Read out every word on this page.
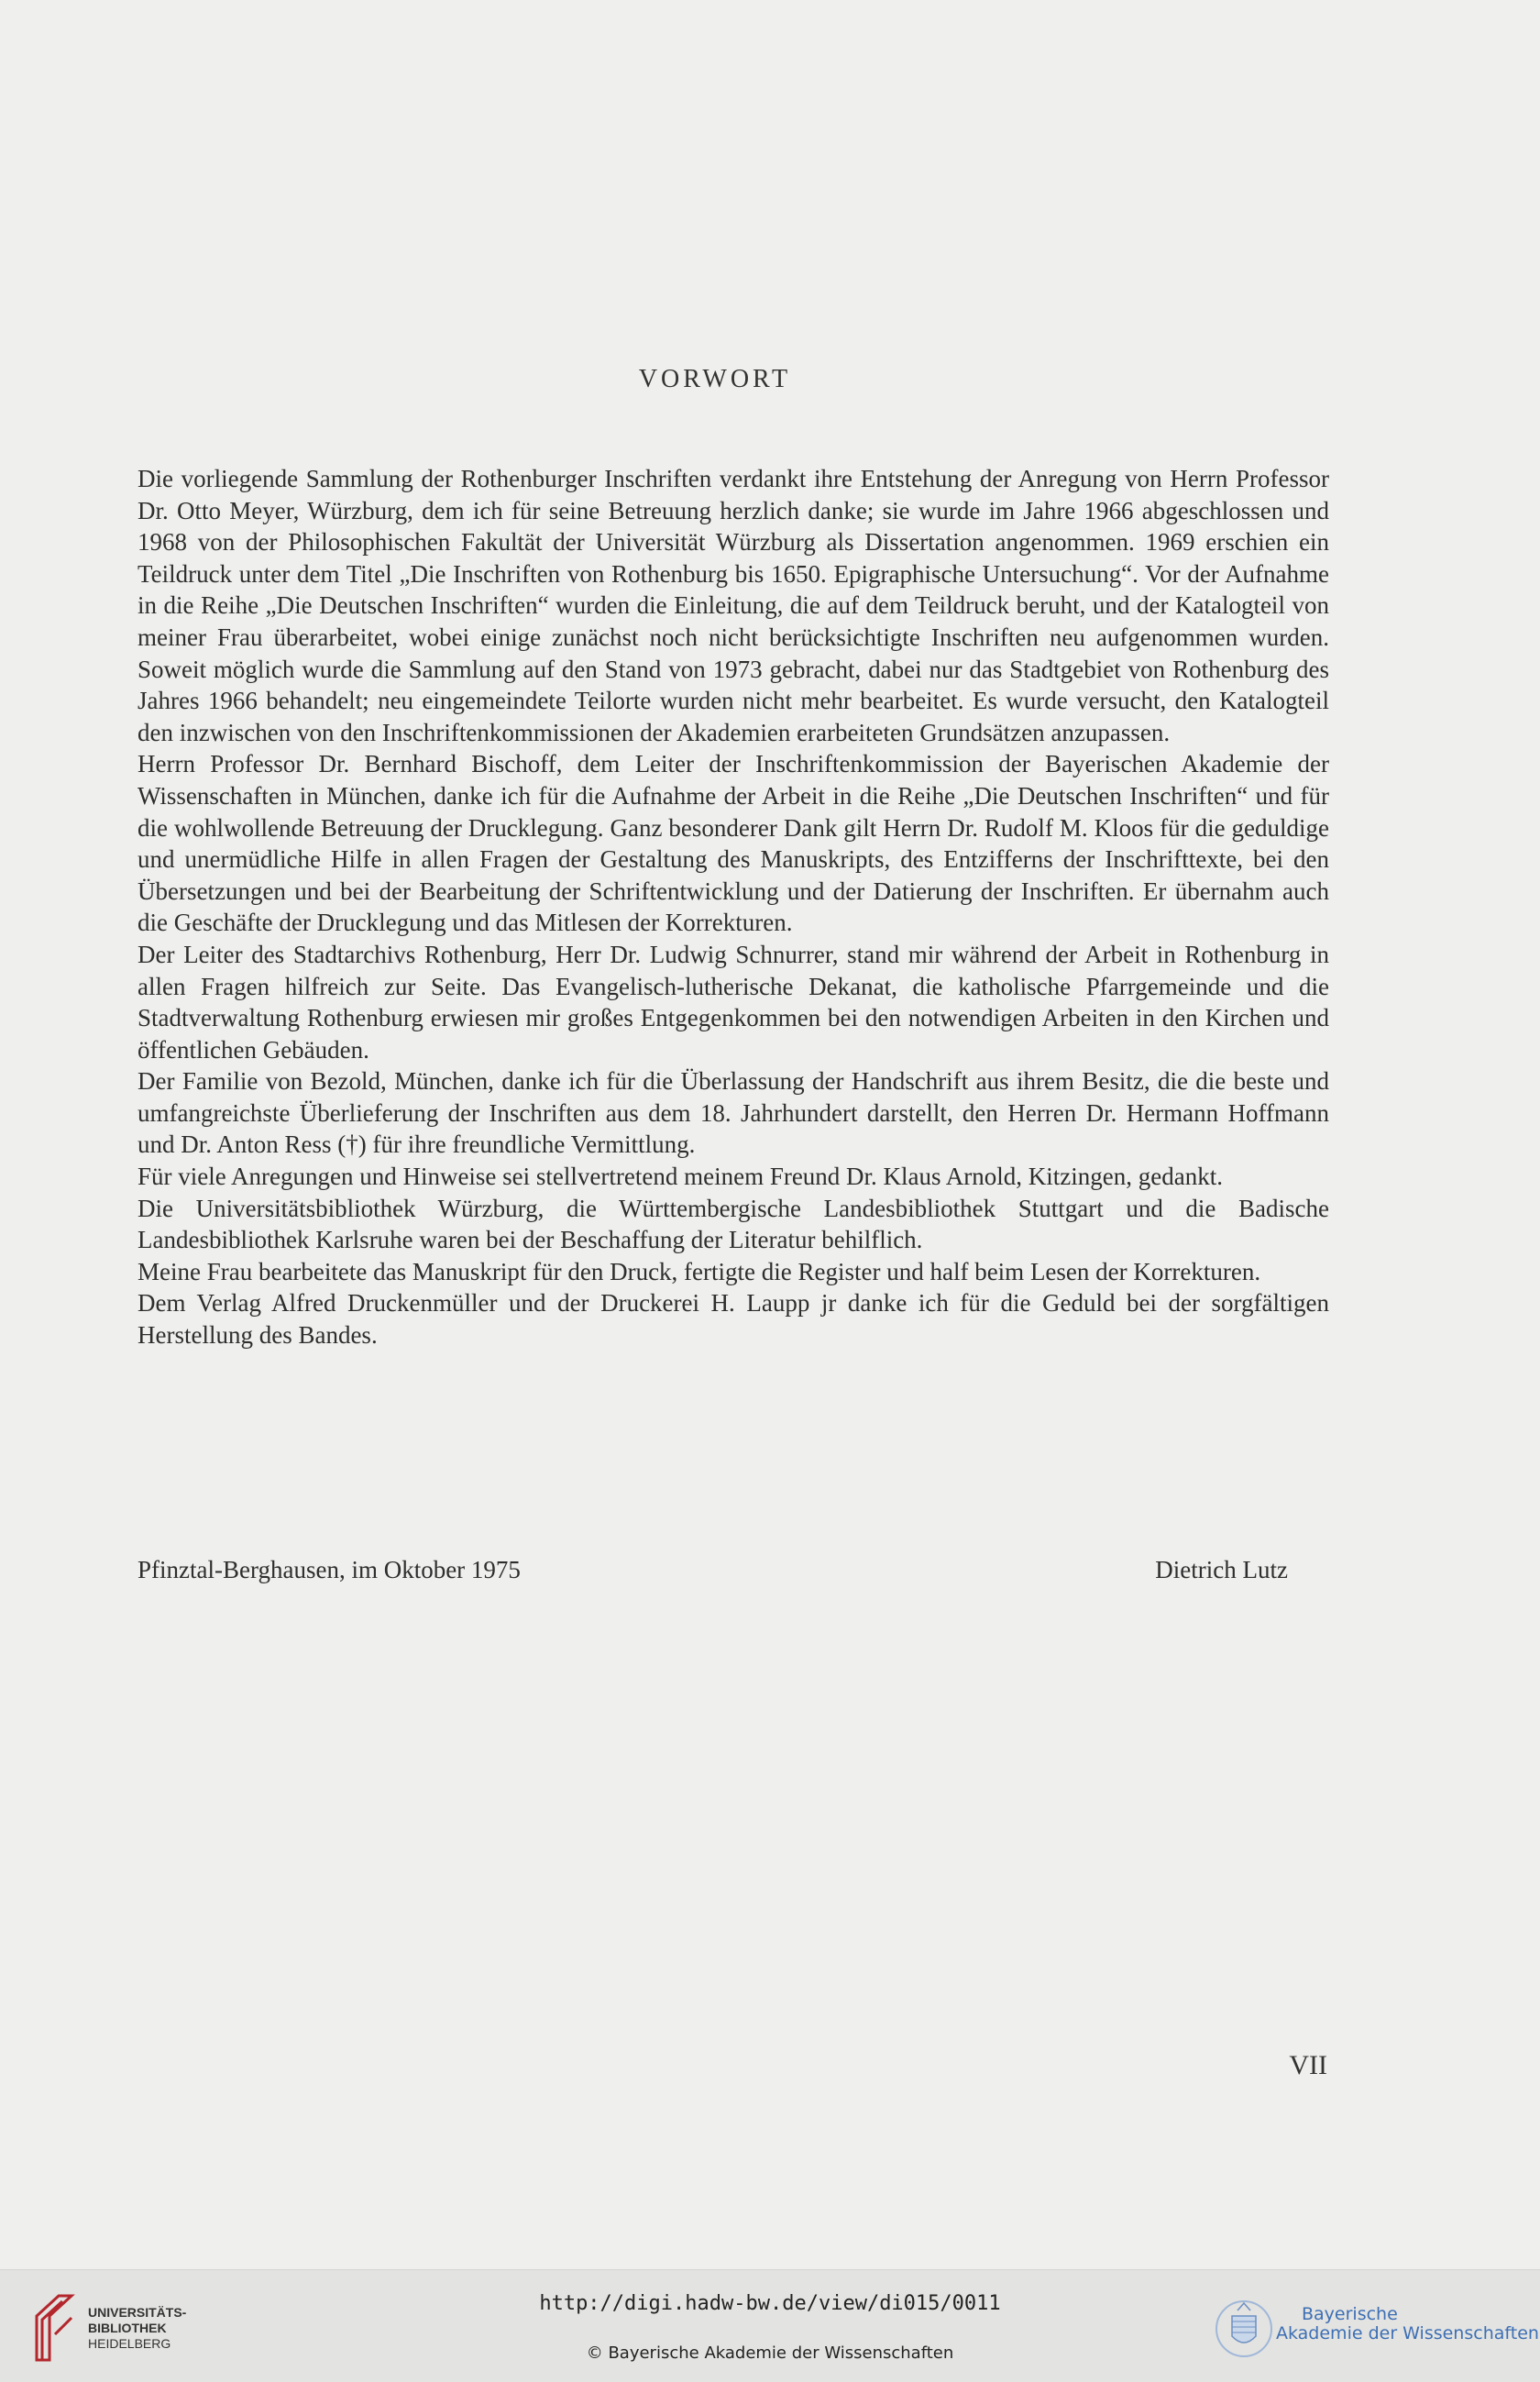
VORWORT

Die vorliegende Sammlung der Rothenburger Inschriften verdankt ihre Entstehung der Anregung von Herrn Professor Dr. Otto Meyer, Würzburg, dem ich für seine Betreuung herzlich danke; sie wurde im Jahre 1966 abgeschlossen und 1968 von der Philosophischen Fakultät der Universität Würzburg als Dissertation angenommen. 1969 erschien ein Teildruck unter dem Titel „Die Inschriften von Rothenburg bis 1650. Epigraphische Untersuchung“. Vor der Aufnahme in die Reihe „Die Deutschen Inschriften“ wurden die Einleitung, die auf dem Teildruck beruht, und der Katalogteil von meiner Frau überarbeitet, wobei einige zunächst noch nicht berücksichtigte Inschriften neu aufgenommen wurden. Soweit möglich wurde die Sammlung auf den Stand von 1973 gebracht, dabei nur das Stadtgebiet von Rothenburg des Jahres 1966 behandelt; neu eingemeindete Teilorte wurden nicht mehr bearbeitet. Es wurde versucht, den Katalogteil den inzwischen von den Inschriftenkommissionen der Akademien erarbeiteten Grundsätzen anzupassen.

Herrn Professor Dr. Bernhard Bischoff, dem Leiter der Inschriftenkommission der Bayerischen Akademie der Wissenschaften in München, danke ich für die Aufnahme der Arbeit in die Reihe „Die Deutschen Inschriften“ und für die wohlwollende Betreuung der Drucklegung. Ganz besonderer Dank gilt Herrn Dr. Rudolf M. Kloos für die geduldige und unermüdliche Hilfe in allen Fragen der Gestaltung des Manuskripts, des Entzifferns der Inschrifttexte, bei den Übersetzungen und bei der Bearbeitung der Schriftentwicklung und der Datierung der Inschriften. Er übernahm auch die Geschäfte der Drucklegung und das Mitlesen der Korrekturen.

Der Leiter des Stadtarchivs Rothenburg, Herr Dr. Ludwig Schnurrer, stand mir während der Arbeit in Rothenburg in allen Fragen hilfreich zur Seite. Das Evangelisch-lutherische Dekanat, die katholische Pfarrgemeinde und die Stadtverwaltung Rothenburg erwiesen mir großes Entgegenkommen bei den notwendigen Arbeiten in den Kirchen und öffentlichen Gebäuden.

Der Familie von Bezold, München, danke ich für die Überlassung der Handschrift aus ihrem Besitz, die die beste und umfangreichste Überlieferung der Inschriften aus dem 18. Jahrhundert darstellt, den Herren Dr. Hermann Hoffmann und Dr. Anton Ress (†) für ihre freundliche Vermittlung.

Für viele Anregungen und Hinweise sei stellvertretend meinem Freund Dr. Klaus Arnold, Kitzingen, gedankt.

Die Universitätsbibliothek Würzburg, die Württembergische Landesbibliothek Stuttgart und die Badische Landesbibliothek Karlsruhe waren bei der Beschaffung der Literatur behilflich.

Meine Frau bearbeitete das Manuskript für den Druck, fertigte die Register und half beim Lesen der Korrekturen.

Dem Verlag Alfred Druckenmüller und der Druckerei H. Laupp jr danke ich für die Geduld bei der sorgfältigen Herstellung des Bandes.

Pfinztal-Berghausen, im Oktober 1975	Dietrich Lutz
VII
UNIVERSITÄTS-
BIBLIOTHEK
HEIDELBERG
http://digi.hadw-bw.de/view/di015/0011
© Bayerische Akademie der Wissenschaften
Bayerische
Akademie der Wissenschaften
